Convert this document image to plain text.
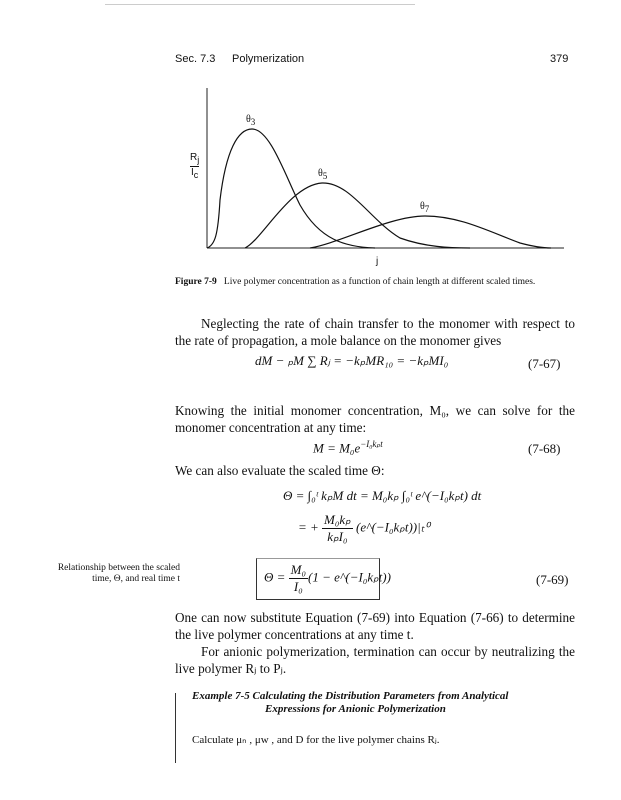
Sec. 7.3 Polymerization	379
$R_j$
$I_c$
$\theta_3$
$\theta_5$
$\theta_7$
j
Figure 7-9 Live polymer concentration as a function of chain length at different scaled times.
Neglecting the rate of chain transfer to the monomer with respect to the rate of propagation, a mole balance on the monomer gives
dM − ₚM ∑ Rⱼ = −kₚMR₁₀ = −kₚMI₀	(7-67)
Knowing the initial monomer concentration, M₀, we can solve for the monomer concentration at any time:
$M = M_0e^{-I_0k_pt}$	(7-68)
We can also evaluate the scaled time Θ:
Θ = ∫₀ᵗ kₚM dt = M₀kₚ ∫₀ᵗ e^(−I₀kₚt) dt
= + $\frac{\text{M₀kₚ}}{\text{kₚI₀}}$ (e^(−I₀kₚt))|ₜ⁰
$\Theta = \frac{\text{M₀}}{\text{I₀}} (1$ − e^(−I₀kₚt))	(7-69)
Relationship between the scaled time, Θ, and real time t
One can now substitute Equation (7-69) into Equation (7-66) to determine the live polymer concentrations at any time t.
For anionic polymerization, termination can occur by neutralizing the live polymer Rⱼ to Pⱼ.
Example 7-5 Calculating the Distribution Parameters from Analytical
Expressions for Anionic Polymerization
Calculate μₙ , μw , and D for the live polymer chains Rⱼ.
